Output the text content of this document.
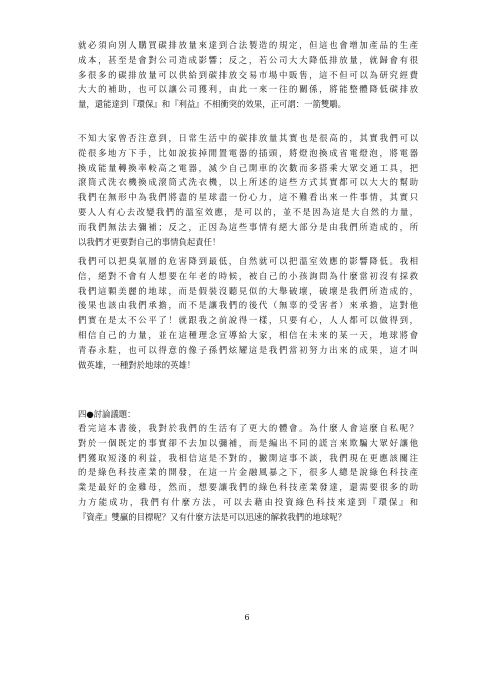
就必須向別人購買碳排放量來達到合法製造的規定，但這也會增加產品的生產
成本，甚至是會對公司造成影響；反之，若公司大大降低排放量，就歸會有很
多很多的碳排放量可以供給到碳排放交易市場中販售，這不但可以為研究經費
大大的補助，也可以讓公司獲利，由此一來一往的關係，將能整體降低碳排放
量，還能達到『環保』和『利益』不相衝突的效果，正可謂：一箭雙鵰。
不知大家曾否注意到，日常生活中的碳排放量其實也是很高的，其實我們可以
從很多地方下手，比如說拔掉閒置電器的插頭，將燈泡換成省電燈泡，將電器
換成能量轉換率較高之電器，減少自己開車的次數而多搭乘大眾交通工具，把
滾筒式洗衣機換成滾筒式洗衣機，以上所述的這些方式其實都可以大大的幫助
我們在無形中為我們將盡的星球盡一份心力，這不難看出來一件事情，其實只
要人人有心去改變我們的溫室效應，是可以的，並不是因為這是大自然的力量，
而我們無法去彌補；反之，正因為這些事情有絕大部分是由我們所造成的，所
以我們才更要對自己的事情負起責任！
我們可以把臭氧層的危害降到最低，自然就可以把溫室效應的影響降低。我相
信，絕對不會有人想要在年老的時候，被自己的小孩詢問為什麼當初沒有採救
我們這顆美麗的地球，而是假裝沒聽見似的大舉破壞，破壞是我們所造成的，
後果也該由我們承擔，而不是讓我們的後代（無辜的受害者）來承擔，這對他
們實在是太不公平了！就跟我之前說得一樣，只要有心，人人都可以做得到，
相信自己的力量，並在這種理念宣導給大家，相信在未來的某一天，地球將會
青春永駐，也可以得意的像子孫們炫耀這是我們當初努力出來的成果，這才叫
做英雄，一種對於地球的英雄！
四●討論議題：
看完這本書後，我對於我們的生活有了更大的體會。為什麼人會這麼自私呢？
對於一個既定的事實卻不去加以彌補，而是編出不同的謊言來欺騙大眾好讓他
們獲取短淺的利益，我相信這是不對的，撇開這事不談，我們現在更應該關注
的是綠色科技產業的開發，在這一片金融風暴之下，很多人總是說綠色科技產
業是最好的金雞母，然而，想要讓我們的綠色科技產業發達，還需要很多的助
力方能成功，我們有什麼方法，可以去藉由投資綠色科技來達到『環保』和
『資產』雙贏的目標呢？又有什麼方法是可以迅速的解救我們的地球呢？
6
